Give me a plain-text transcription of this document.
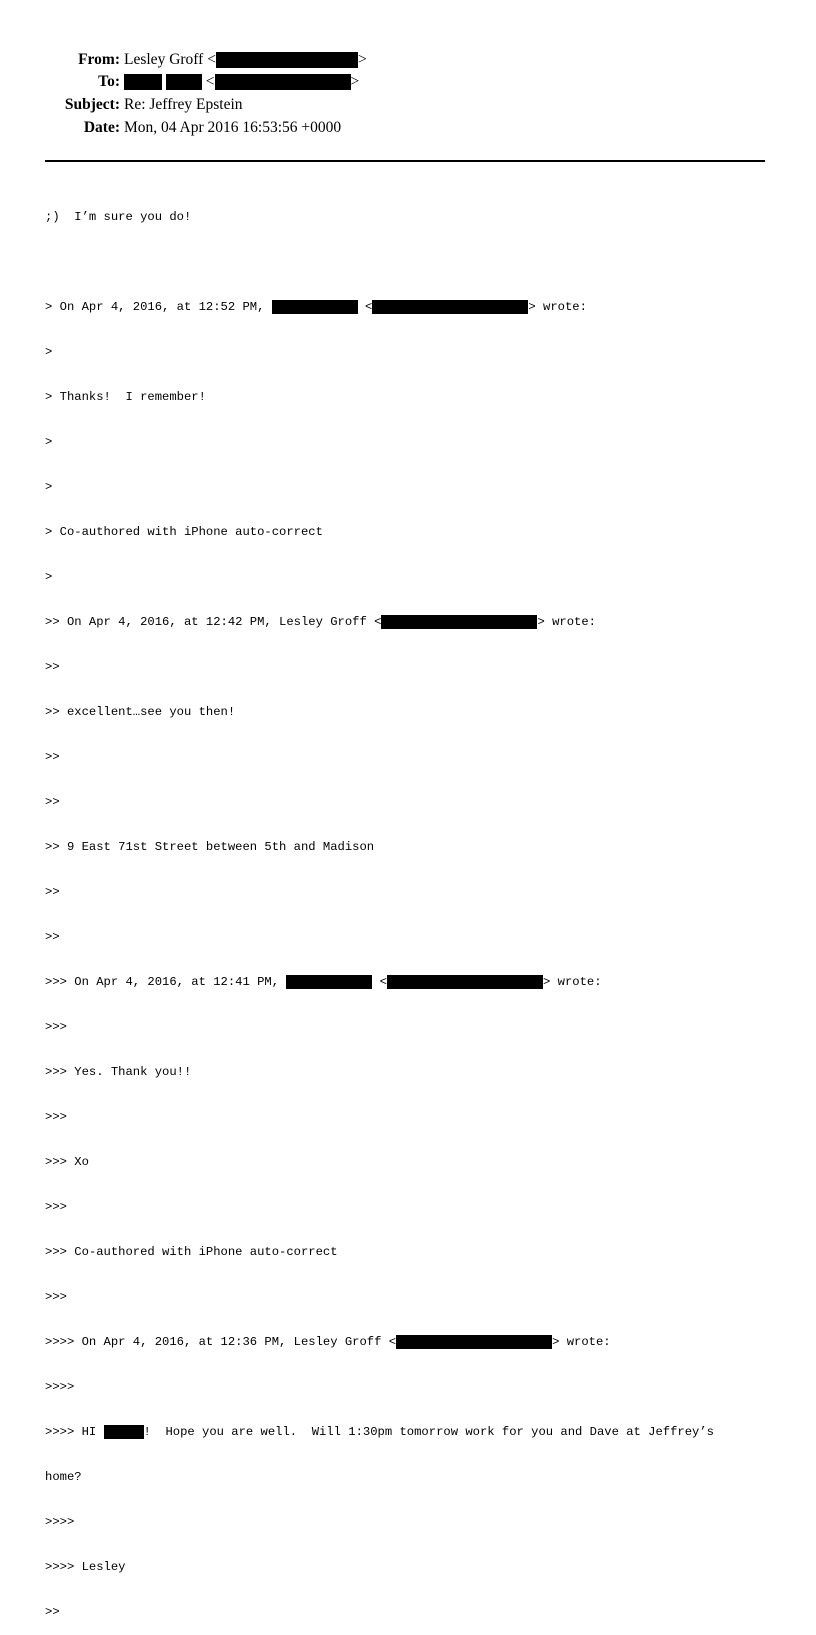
From: Lesley Groff <	>
To:	<	>
Subject: Re: Jeffrey Epstein
Date: Mon, 04 Apr 2016 16:53:56 +0000

;)  I’m sure you do!

> On Apr 4, 2016, at 12:52 PM,	<	> wrote:

>

> Thanks!  I remember!

>

>

> Co-authored with iPhone auto-correct

>

>> On Apr 4, 2016, at 12:42 PM, Lesley Groff <	> wrote:

>>

>> excellent…see you then!

>>

>>

>> 9 East 71st Street between 5th and Madison

>>

>>

>>> On Apr 4, 2016, at 12:41 PM,	<	> wrote:

>>>

>>> Yes. Thank you!!

>>>

>>> Xo

>>>

>>> Co-authored with iPhone auto-correct

>>>

>>>> On Apr 4, 2016, at 12:36 PM, Lesley Groff <	> wrote:

>>>>

>>>> HI	!  Hope you are well.  Will 1:30pm tomorrow work for you and Dave at Jeffrey’s

home?

>>>>

>>>> Lesley

>>
